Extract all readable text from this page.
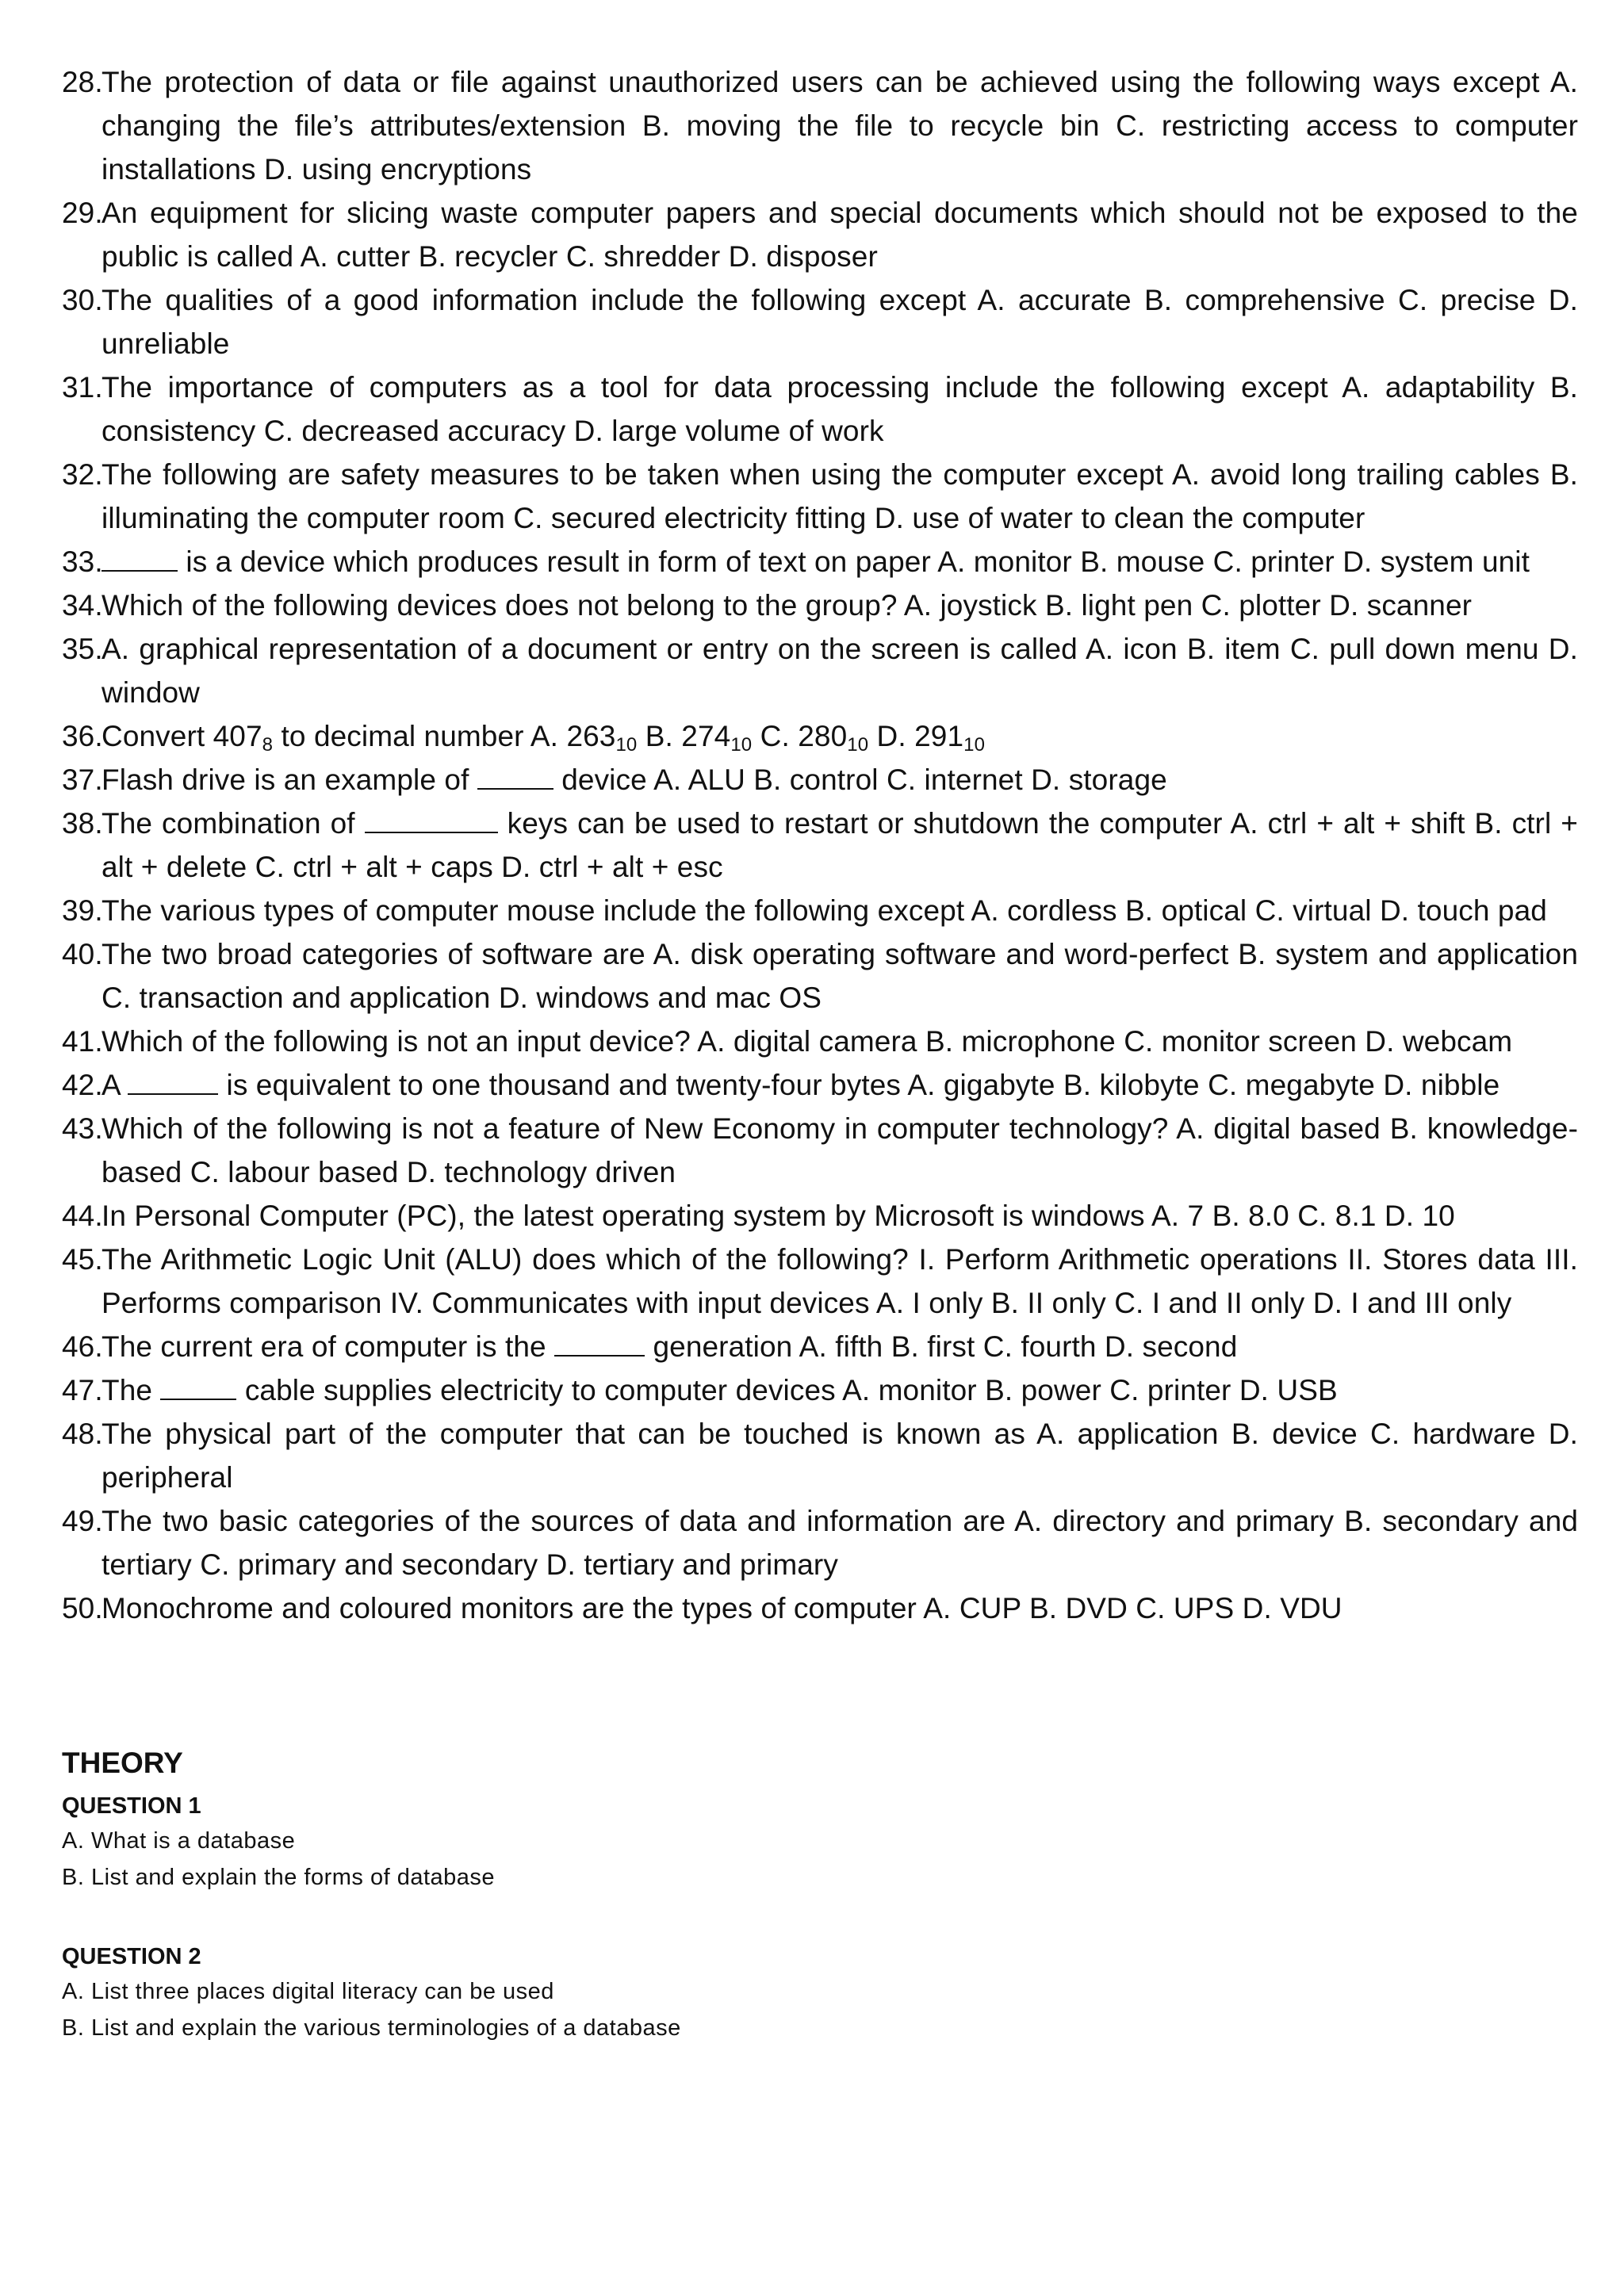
28.
The protection of data or file against unauthorized users can be achieved using the following ways except A. changing the file’s attributes/extension B. moving the file to recycle bin C. restricting access to computer installations D. using encryptions
29.
An equipment for slicing waste computer papers and special documents which should not be exposed to the public is called A. cutter B. recycler C. shredder D. disposer
30.
The qualities of a good information include the following except A. accurate B. comprehensive C. precise D. unreliable
31.
The importance of computers as a tool for data processing include the following except A. adaptability B. consistency C. decreased accuracy D. large volume of work
32.
The following are safety measures to be taken when using the computer except A. avoid long trailing cables B. illuminating the computer room C. secured electricity fitting D. use of water to clean the computer
33.	is a device which produces result in form of text on paper A. monitor B. mouse C. printer D. system unit
34.
Which of the following devices does not belong to the group? A. joystick B. light pen C. plotter D. scanner
35.
A. graphical representation of a document or entry on the screen is called A. icon B. item C. pull down menu D. window
36.
Convert $407_8$ to decimal number A. $263_{10}$ B. $274_{10}$ C. $280_{10}$ D. $291_{10}$
37.
Flash drive is an example of	device A. ALU B. control C. internet D. storage
38.
The combination of	keys can be used to restart or shutdown the computer A. ctrl + alt + shift B. ctrl + alt + delete C. ctrl + alt + caps D. ctrl + alt + esc
39.
The various types of computer mouse include the following except A. cordless B. optical C. virtual D. touch pad
40.
The two broad categories of software are A. disk operating software and word-perfect B. system and application C. transaction and application D. windows and mac OS
41.
Which of the following is not an input device? A. digital camera B. microphone C. monitor screen D. webcam
42.
A	is equivalent to one thousand and twenty-four bytes A. gigabyte B. kilobyte C. megabyte D. nibble
43.
Which of the following is not a feature of New Economy in computer technology? A. digital based B. knowledge-based C. labour based D. technology driven
44.
In Personal Computer (PC), the latest operating system by Microsoft is windows A. 7 B. 8.0 C. 8.1 D. 10
45.
The Arithmetic Logic Unit (ALU) does which of the following? I. Perform Arithmetic operations II. Stores data III. Performs comparison IV. Communicates with input devices A. I only B. II only C. I and II only D. I and III only
46.
The current era of computer is the	generation A. fifth B. first C. fourth D. second
47.
The	cable supplies electricity to computer devices A. monitor B. power C. printer D. USB
48.
The physical part of the computer that can be touched is known as A. application B. device C. hardware D. peripheral
49.
The two basic categories of the sources of data and information are A. directory and primary B. secondary and tertiary C. primary and secondary D. tertiary and primary
50.
Monochrome and coloured monitors are the types of computer A. CUP B. DVD C. UPS D. VDU
THEORY
QUESTION 1
A. What is a database
B. List and explain the forms of database
QUESTION 2
A. List three places digital literacy can be used
B. List and explain the various terminologies of a database
